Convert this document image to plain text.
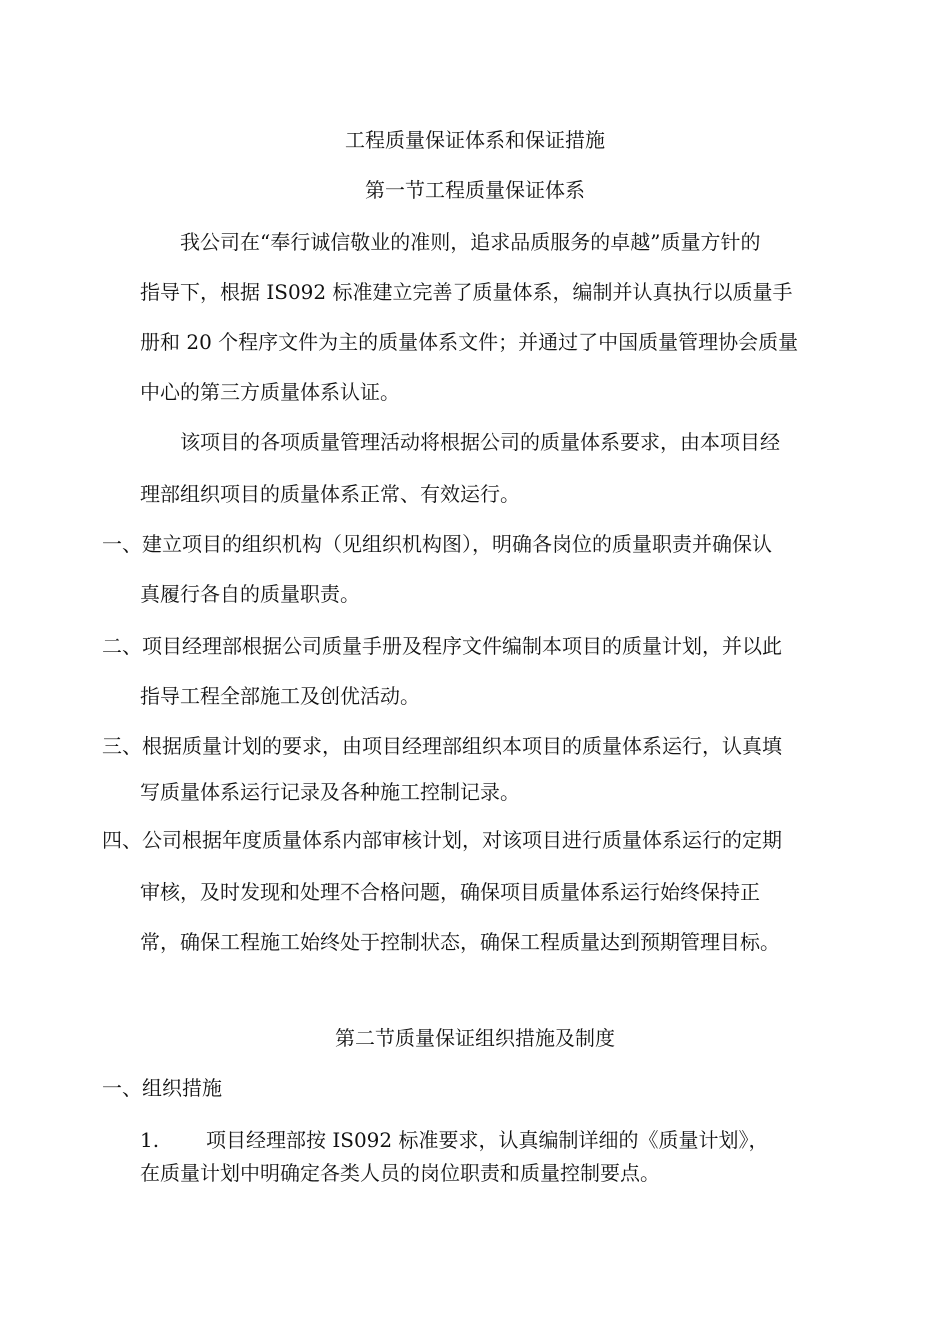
工程质量保证体系和保证措施

第一节工程质量保证体系

我公司在“奉行诚信敬业的准则，追求品质服务的卓越”质量方针的

指导下，根据 IS092 标准建立完善了质量体系，编制并认真执行以质量手

册和 20 个程序文件为主的质量体系文件；并通过了中国质量管理协会质量

中心的第三方质量体系认证。

该项目的各项质量管理活动将根据公司的质量体系要求，由本项目经

理部组织项目的质量体系正常、有效运行。

一、建立项目的组织机构（见组织机构图），明确各岗位的质量职责并确保认

真履行各自的质量职责。

二、项目经理部根据公司质量手册及程序文件编制本项目的质量计划，并以此

指导工程全部施工及创优活动。

三、根据质量计划的要求，由项目经理部组织本项目的质量体系运行，认真填

写质量体系运行记录及各种施工控制记录。

四、公司根据年度质量体系内部审核计划，对该项目进行质量体系运行的定期

审核，及时发现和处理不合格问题，确保项目质量体系运行始终保持正

常，确保工程施工始终处于控制状态，确保工程质量达到预期管理目标。

第二节质量保证组织措施及制度

一、组织措施

1. 项目经理部按 IS092 标准要求，认真编制详细的《质量计划》，

在质量计划中明确定各类人员的岗位职责和质量控制要点。
